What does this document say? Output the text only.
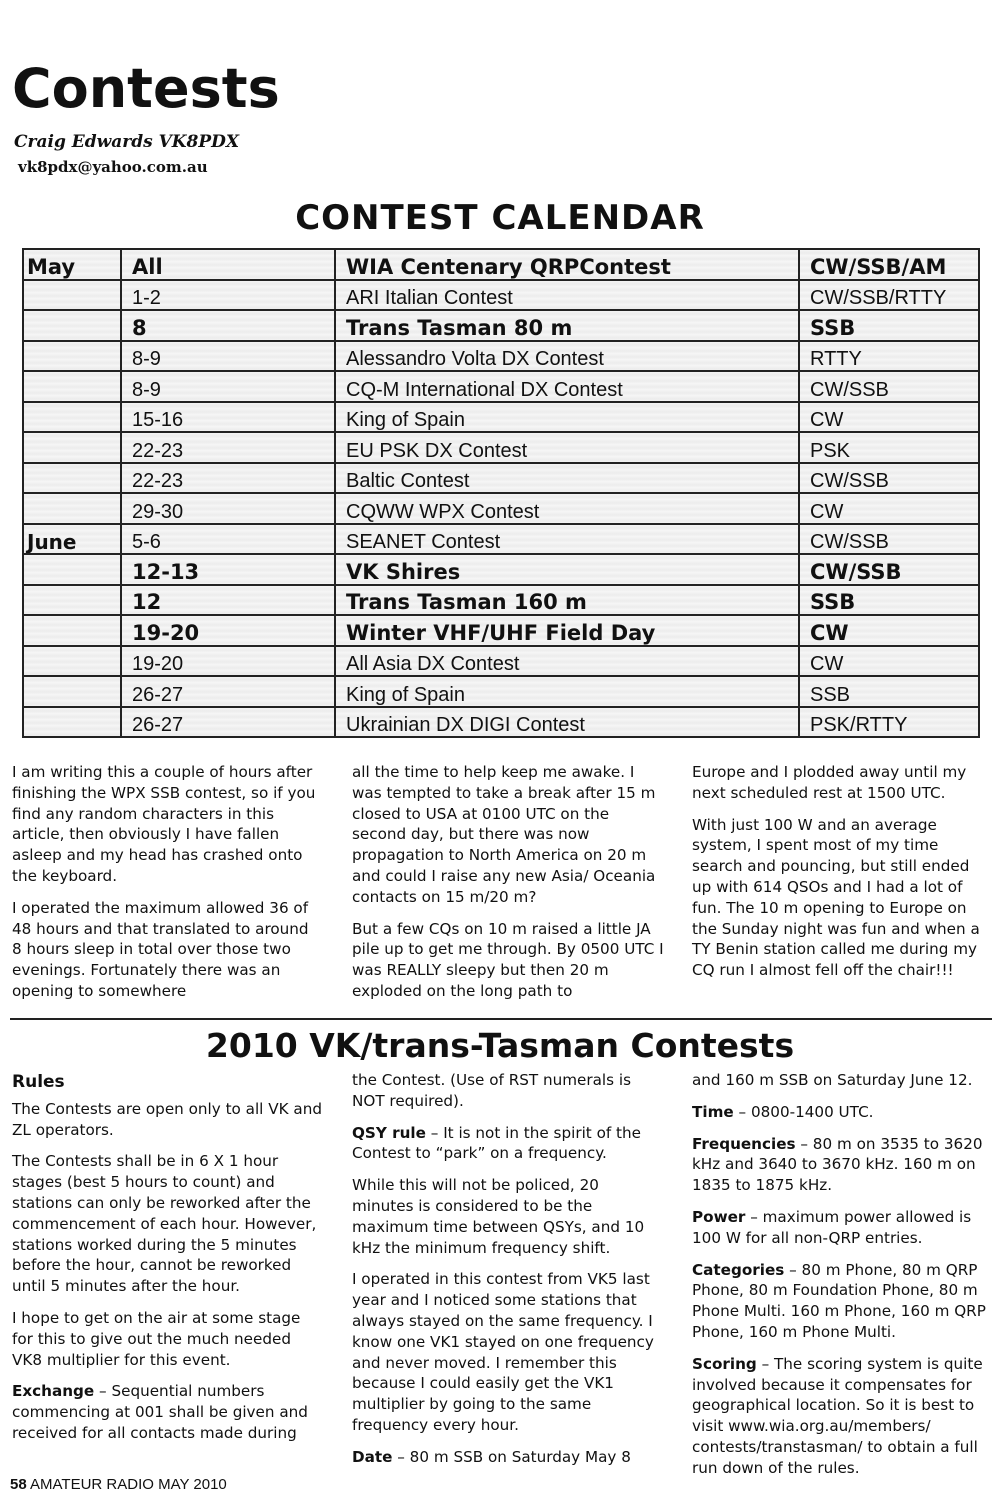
Contests
Craig Edwards VK8PDX
vk8pdx@yahoo.com.au
CONTEST CALENDAR
May	All	WIA Centenary QRPContest	CW/SSB/AM
	1-2	ARI Italian Contest	CW/SSB/RTTY
	8	Trans Tasman 80 m	SSB
	8-9	Alessandro Volta DX Contest	RTTY
	8-9	CQ-M International DX Contest	CW/SSB
	15-16	King of Spain	CW
	22-23	EU PSK DX Contest	PSK
	22-23	Baltic Contest	CW/SSB
	29-30	CQWW WPX Contest	CW
June	5-6	SEANET Contest	CW/SSB
	12-13	VK Shires	CW/SSB
	12	Trans Tasman 160 m	SSB
	19-20	Winter VHF/UHF Field Day	CW
	19-20	All Asia DX Contest	CW
	26-27	King of Spain	SSB
	26-27	Ukrainian DX DIGI Contest	PSK/RTTY

I am writing this a couple of hours after finishing the WPX SSB contest, so if you find any random characters in this article, then obviously I have fallen asleep and my head has crashed onto the keyboard.

I operated the maximum allowed 36 of 48 hours and that translated to around 8 hours sleep in total over those two evenings. Fortunately there was an opening to somewhere

all the time to help keep me awake. I was tempted to take a break after 15 m closed to USA at 0100 UTC on the second day, but there was now propagation to North America on 20 m and could I raise any new Asia/ Oceania contacts on 15 m/20 m?

But a few CQs on 10 m raised a little JA pile up to get me through. By 0500 UTC I was REALLY sleepy but then 20 m exploded on the long path to

Europe and I plodded away until my next scheduled rest at 1500 UTC.

With just 100 W and an average system, I spent most of my time search and pouncing, but still ended up with 614 QSOs and I had a lot of fun. The 10 m opening to Europe on the Sunday night was fun and when a TY Benin station called me during my CQ run I almost fell off the chair!!!

2010 VK/trans-Tasman Contests
Rules

The Contests are open only to all VK and ZL operators.

The Contests shall be in 6 X 1 hour stages (best 5 hours to count) and stations can only be reworked after the commencement of each hour. However, stations worked during the 5 minutes before the hour, cannot be reworked until 5 minutes after the hour.

I hope to get on the air at some stage for this to give out the much needed VK8 multiplier for this event.

Exchange – Sequential numbers commencing at 001 shall be given and received for all contacts made during

the Contest. (Use of RST numerals is NOT required).

QSY rule – It is not in the spirit of the Contest to “park” on a frequency.

While this will not be policed, 20 minutes is considered to be the maximum time between QSYs, and 10 kHz the minimum frequency shift.

I operated in this contest from VK5 last year and I noticed some stations that always stayed on the same frequency. I know one VK1 stayed on one frequency and never moved. I remember this because I could easily get the VK1 multiplier by going to the same frequency every hour.

Date – 80 m SSB on Saturday May 8

and 160 m SSB on Saturday June 12.

Time – 0800-1400 UTC.

Frequencies – 80 m on 3535 to 3620 kHz and 3640 to 3670 kHz. 160 m on 1835 to 1875 kHz.

Power – maximum power allowed is 100 W for all non-QRP entries.

Categories – 80 m Phone, 80 m QRP Phone, 80 m Foundation Phone, 80 m Phone Multi. 160 m Phone, 160 m QRP Phone, 160 m Phone Multi.

Scoring – The scoring system is quite involved because it compensates for geographical location. So it is best to visit www.wia.org.au/members/ contests/transtasman/ to obtain a full run down of the rules.

58 AMATEUR RADIO MAY 2010
